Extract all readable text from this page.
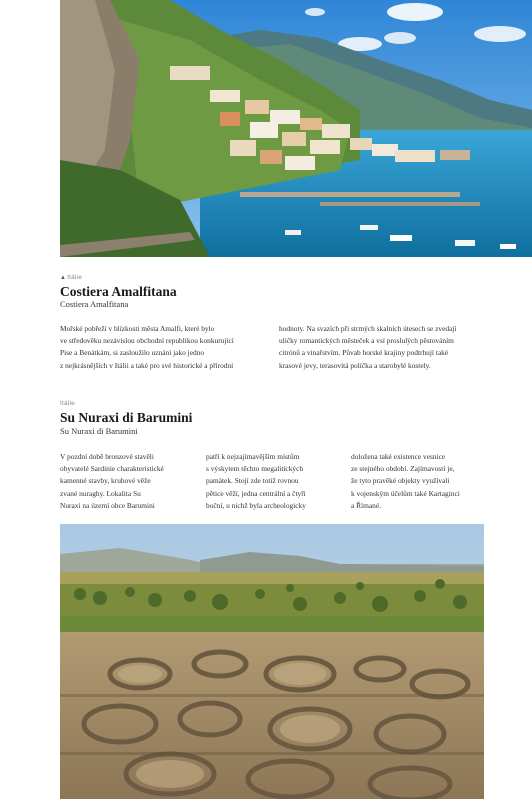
▲Itálie
Costiera Amalfitana
Costiera Amalfitana
Mořské pobřeží v blízkosti města Amalfi, které bylo
ve středověku nezávislou obchodní republikou konkurující
Pise a Benátkám, si zasloužilo uznání jako jedno
z nejkrásnějších v Itálii a také pro své historické a přírodní
hodnoty. Na svazích při strmých skalních útesech se zvedají
uličky romantických městeček a vsí proslulých pěstováním
citrónů a vinařstvím. Půvab horské krajiny podtrhují také
krasové jevy, terasovitá políčka a starobylé kostely.
Itálie
Su Nuraxi di Barumini
Su Nuraxi di Barumini
V pozdní době bronzové stavěli
obyvatelé Sardinie charakteristické
kamenné stavby, kruhové věže
zvané nuraghy. Lokalita Su
Nuraxi na území obce Barumini
patří k nejzajímavějším místům
s výskytem těchto megalitických
památek. Stojí zde totiž rovnou
pětice věží, jedna centrální a čtyři
boční, u nichž byla archeologicky
doložena také existence vesnice
ze stejného období. Zajímavostí je,
že tyto pravěké objekty využívali
k vojenským účelům také Kartaginci
a Římané.
